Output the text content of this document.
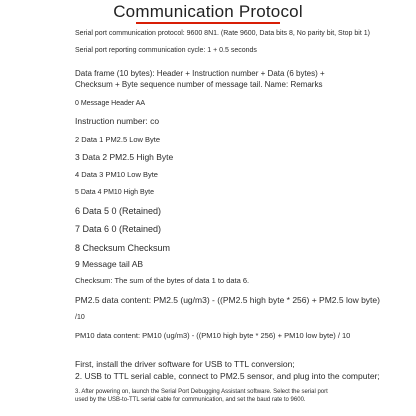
Communication Protocol
Serial port communication protocol: 9600 8N1. (Rate 9600, Data bits 8, No parity bit, Stop bit 1)
Serial port reporting communication cycle: 1 + 0.5 seconds
Data frame (10 bytes): Header + Instruction number + Data (6 bytes) +
Checksum + Byte sequence number of message tail. Name: Remarks
0 Message Header AA
Instruction number: co
2 Data 1 PM2.5 Low Byte
3 Data 2 PM2.5 High Byte
4 Data 3 PM10 Low Byte
5 Data 4 PM10 High Byte
6 Data 5 0 (Retained)
7 Data 6 0 (Retained)
8 Checksum Checksum
9 Message tail AB
Checksum: The sum of the bytes of data 1 to data 6.
PM2.5 data content: PM2.5 (ug/m3) - ((PM2.5 high byte * 256) + PM2.5 low byte)
/10
PM10 data content: PM10 (ug/m3) - ((PM10 high byte * 256) + PM10 low byte) / 10
First, install the driver software for USB to TTL conversion;
2. USB to TTL serial cable, connect to PM2.5 sensor, and plug into the computer;
3. After powering on, launch the Serial Port Debugging Assistant software. Select the serial port
used by the USB-to-TTL serial cable for communication, and set the baud rate to 9600.
